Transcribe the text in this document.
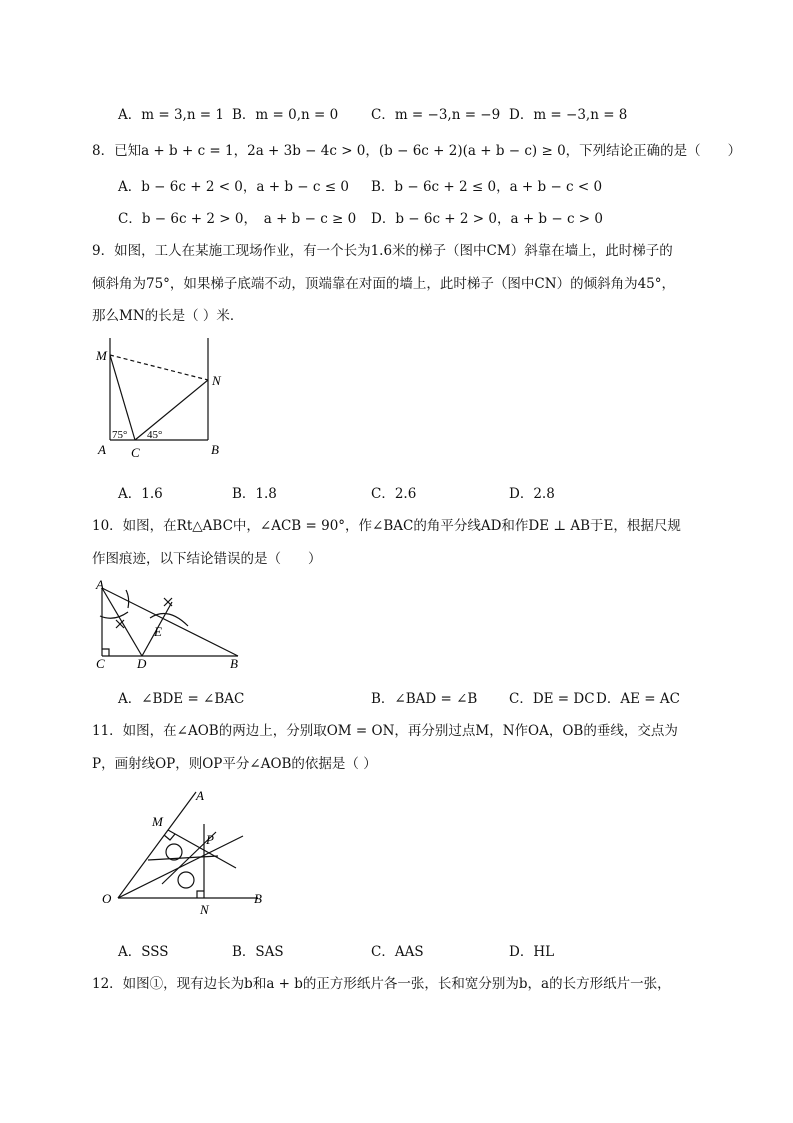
A．m = 3,n = 1 B．m = 0,n = 0 C．m = −3,n = −9 D．m = −3,n = 8
8．已知a + b + c = 1，2a + 3b − 4c > 0，(b − 6c + 2)(a + b − c) ≥ 0，下列结论正确的是（　　）
A．b − 6c + 2 < 0，a + b − c ≤ 0 B．b − 6c + 2 ≤ 0，a + b − c < 0
C．b − 6c + 2 > 0，　a + b − c ≥ 0 D．b − 6c + 2 > 0，a + b − c > 0
9．如图，工人在某施工现场作业，有一个长为1.6米的梯子（图中CM）斜靠在墙上，此时梯子的
倾斜角为75°，如果梯子底端不动，顶端靠在对面的墙上，此时梯子（图中CN）的倾斜角为45°，
那么MN的长是（ ）米．
M
N
A C	B
75° 45°
A．1.6	B．1.8	C．2.6	D．2.8
10．如图，在Rt△ABC中，∠ACB = 90°，作∠BAC的角平分线AD和作DE ⊥ AB于E，根据尺规
作图痕迹，以下结论错误的是（　　）
A
E
C D	B
A．∠BDE = ∠BAC	B．∠BAD = ∠B C．DE = DC D．AE = AC
11．如图，在∠AOB的两边上，分别取OM = ON，再分别过点M，N作OA，OB的垂线，交点为
P，画射线OP，则OP平分∠AOB的依据是（ ）
A
M
P
O
N
B
A．SSS	B．SAS	C．AAS	D．HL
12．如图①，现有边长为b和a + b的正方形纸片各一张，长和宽分别为b，a的长方形纸片一张，
